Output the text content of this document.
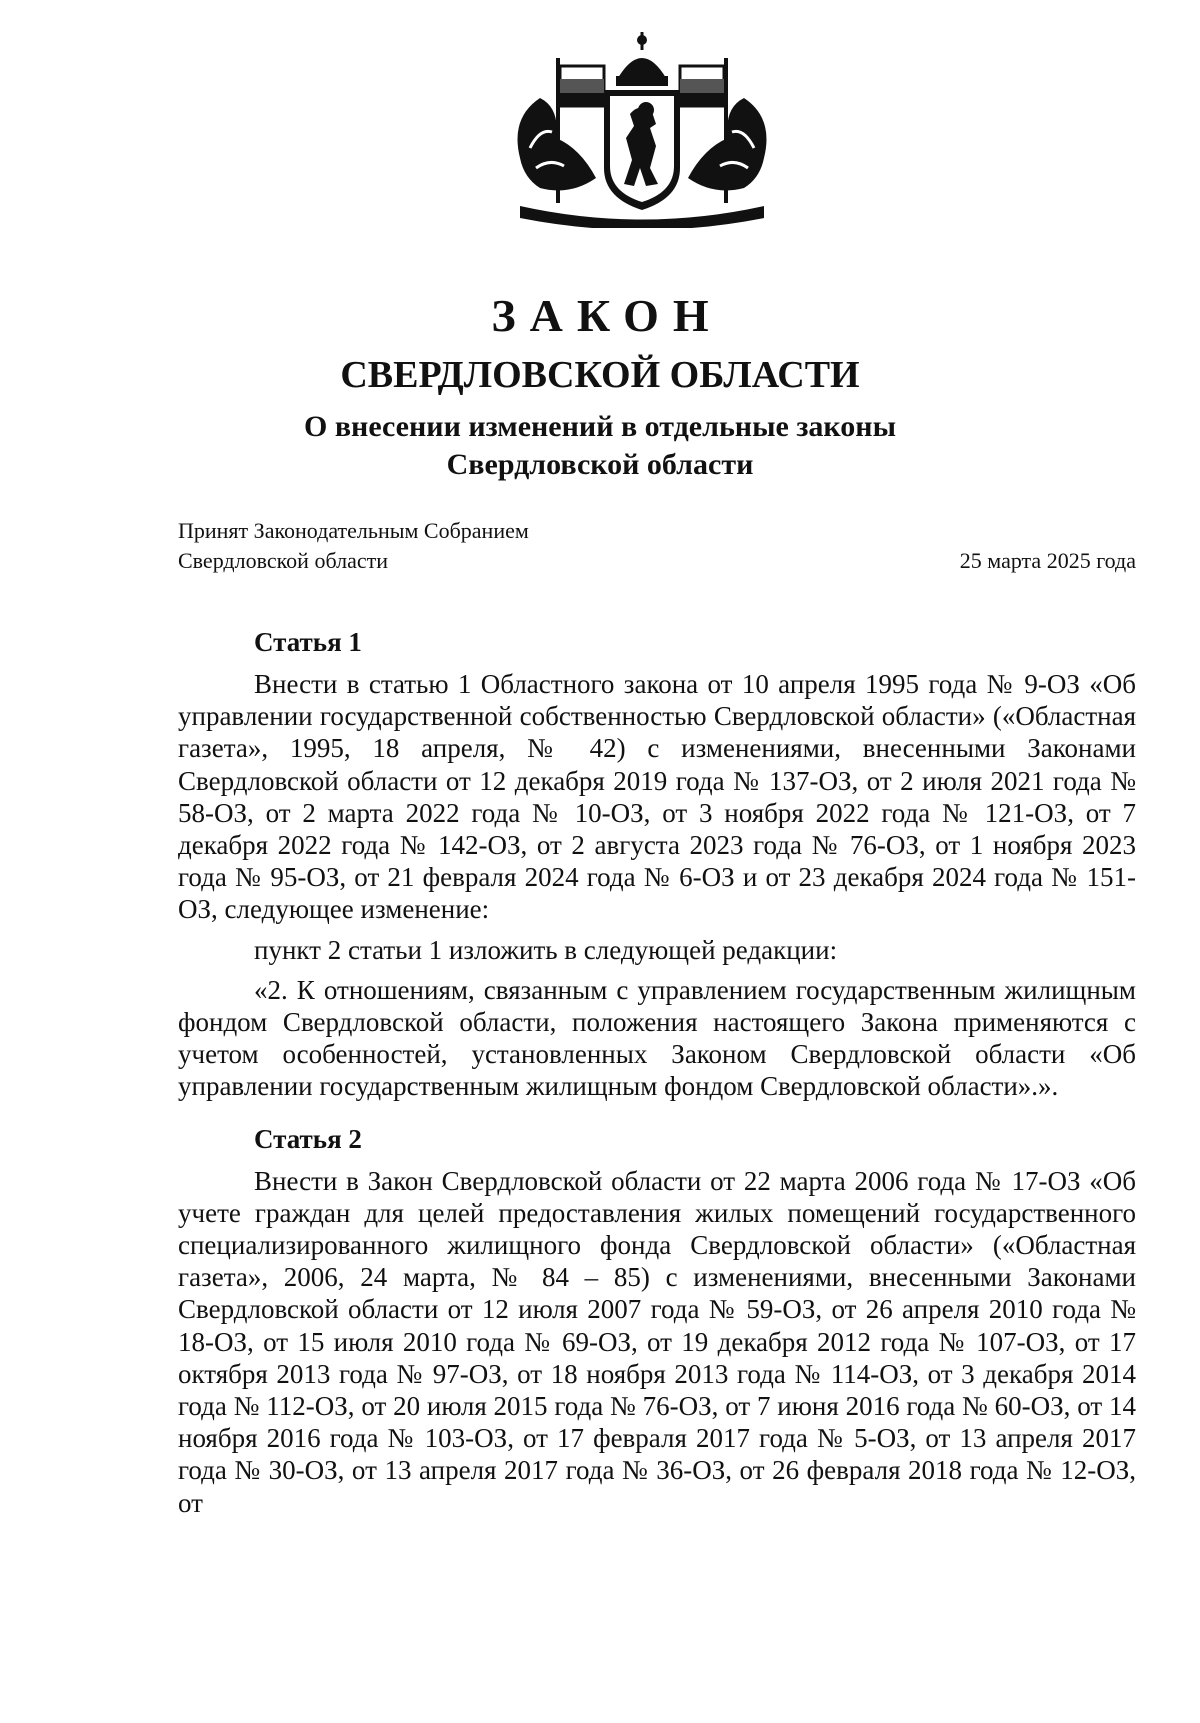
ЗАКОН
СВЕРДЛОВСКОЙ ОБЛАСТИ
О внесении изменений в отдельные законы
Свердловской области
Принят Законодательным Собранием
Свердловской области	25 марта 2025 года
Статья 1

Внести в статью 1 Областного закона от 10 апреля 1995 года № 9-ОЗ «Об управлении государственной собственностью Свердловской области» («Областная газета», 1995, 18 апреля, № 42) с изменениями, внесенными Законами Свердловской области от 12 декабря 2019 года № 137-ОЗ, от 2 июля 2021 года № 58-ОЗ, от 2 марта 2022 года № 10-ОЗ, от 3 ноября 2022 года № 121-ОЗ, от 7 декабря 2022 года № 142-ОЗ, от 2 августа 2023 года № 76-ОЗ, от 1 ноября 2023 года № 95-ОЗ, от 21 февраля 2024 года № 6-ОЗ и от 23 декабря 2024 года № 151-ОЗ, следующее изменение:

пункт 2 статьи 1 изложить в следующей редакции:

«2. К отношениям, связанным с управлением государственным жилищным фондом Свердловской области, положения настоящего Закона применяются с учетом особенностей, установленных Законом Свердловской области «Об управлении государственным жилищным фондом Свердловской области».».

Статья 2

Внести в Закон Свердловской области от 22 марта 2006 года № 17-ОЗ «Об учете граждан для целей предоставления жилых помещений государственного специализированного жилищного фонда Свердловской области» («Областная газета», 2006, 24 марта, № 84 – 85) с изменениями, внесенными Законами Свердловской области от 12 июля 2007 года № 59-ОЗ, от 26 апреля 2010 года № 18-ОЗ, от 15 июля 2010 года № 69-ОЗ, от 19 декабря 2012 года № 107-ОЗ, от 17 октября 2013 года № 97-ОЗ, от 18 ноября 2013 года № 114-ОЗ, от 3 декабря 2014 года № 112-ОЗ, от 20 июля 2015 года № 76-ОЗ, от 7 июня 2016 года № 60-ОЗ, от 14 ноября 2016 года № 103-ОЗ, от 17 февраля 2017 года № 5-ОЗ, от 13 апреля 2017 года № 30-ОЗ, от 13 апреля 2017 года № 36-ОЗ, от 26 февраля 2018 года № 12-ОЗ, от
